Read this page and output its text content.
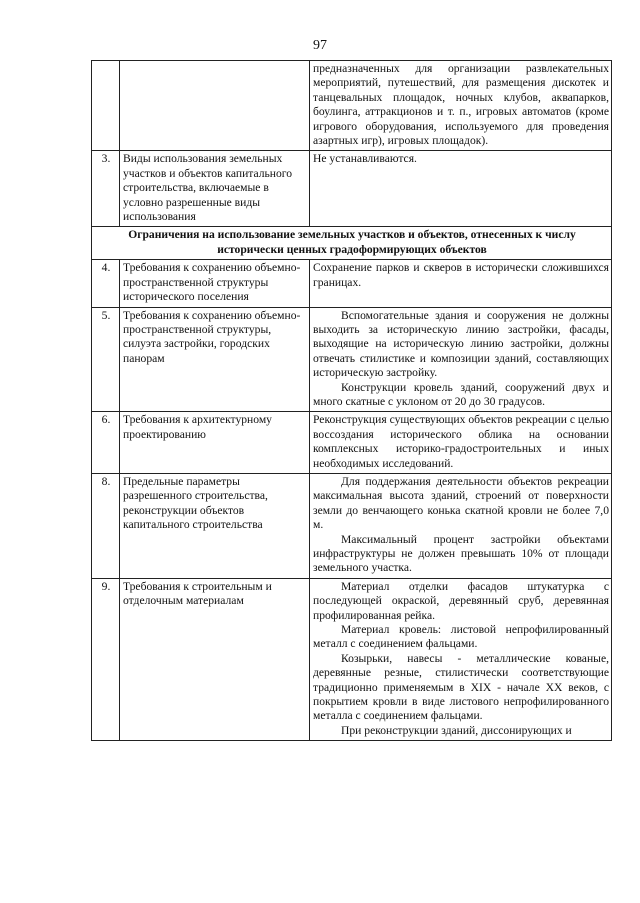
97

		предназначенных для организации развлекательных мероприятий, путешествий, для размещения дискотек и танцевальных площадок, ночных клубов, аквапарков, боулинга, аттракционов и т. п., игровых автоматов (кроме игрового оборудования, используемого для проведения азартных игр), игровых площадок).

3.	Виды использования земельных участков и объектов капитального строительства, включаемые в условно разрешенные виды использования	Не устанавливаются.

Ограничения на использование земельных участков и объектов, отнесенных к числу исторически ценных градоформирующих объектов		
4.	Требования к сохранению объемно-пространственной структуры исторического поселения	Сохранение парков и скверов в исторически сложившихся границах.

5.	Требования к сохранению объемно-пространственной структуры, силуэта застройки, городских панорам	Вспомогательные здания и сооружения не должны выходить за историческую линию застройки, фасады, выходящие на историческую линию застройки, должны отвечать стилистике и композиции зданий, составляющих историческую застройку.

Конструкции кровель зданий, сооружений двух и много скатные с уклоном от 20 до 30 градусов.

6.	Требования к архитектурному проектированию	Реконструкция существующих объектов рекреации с целью воссоздания исторического облика на основании комплексных историко-градостроительных и иных необходимых исследований.

8.	Предельные параметры разрешенного строительства, реконструкции объектов капитального строительства	Для поддержания деятельности объектов рекреации максимальная высота зданий, строений от поверхности земли до венчающего конька скатной кровли не более 7,0 м.

Максимальный процент застройки объектами инфраструктуры не должен превышать 10% от площади земельного участка.

9.	Требования к строительным и отделочным материалам	Материал отделки фасадов штукатурка с последующей окраской, деревянный сруб, деревянная профилированная рейка.

Материал кровель: листовой непрофилированный металл с соединением фальцами.

Козырьки, навесы - металлические кованые, деревянные резные, стилистически соответствующие традиционно применяемым в XIX - начале XX веков, с покрытием кровли в виде листового непрофилированного металла с соединением фальцами.

При реконструкции зданий, диссонирующих и
